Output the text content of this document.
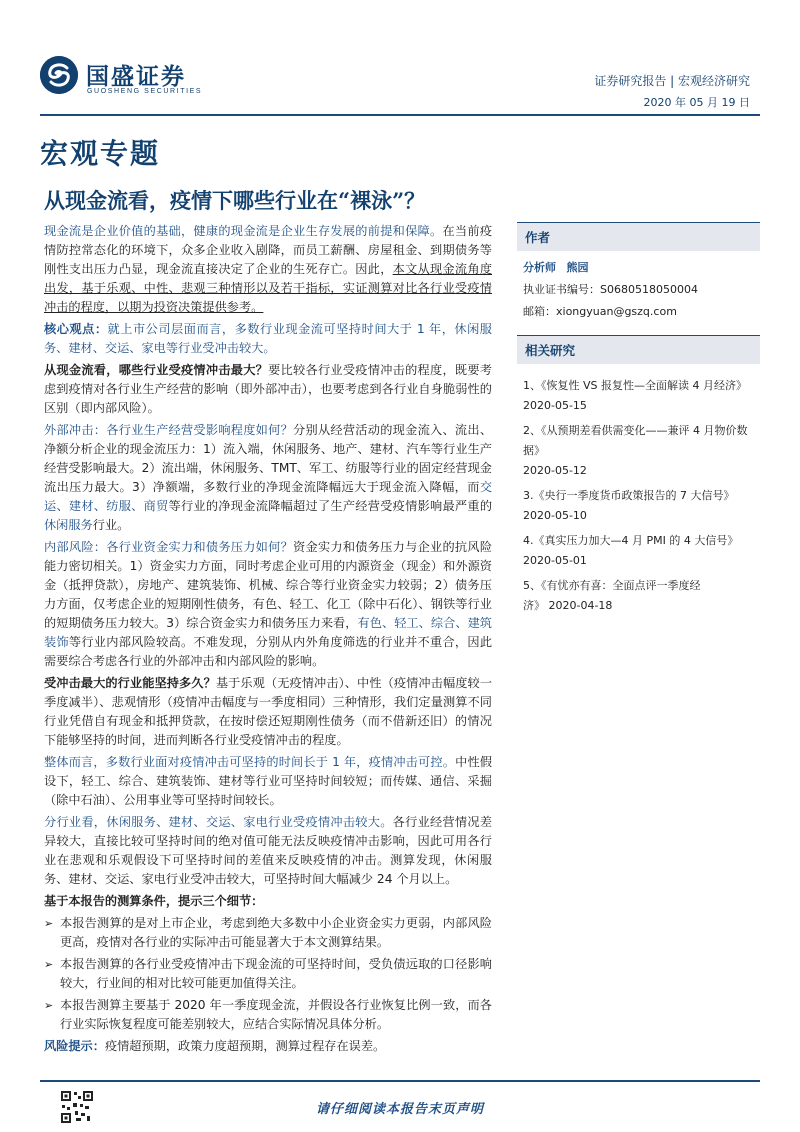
国盛证券
GUOSHENG SECURITIES
证券研究报告 | 宏观经济研究
2020 年 05 月 19 日
宏观专题
从现金流看，疫情下哪些行业在“裸泳”？

现金流是企业价值的基础，健康的现金流是企业生存发展的前提和保障。在当前疫情防控常态化的环境下，众多企业收入剧降，而员工薪酬、房屋租金、到期债务等刚性支出压力凸显，现金流直接决定了企业的生死存亡。因此，本文从现金流角度出发，基于乐观、中性、悲观三种情形以及若干指标，实证测算对比各行业受疫情冲击的程度，以期为投资决策提供参考。

核心观点：就上市公司层面而言，多数行业现金流可坚持时间大于 1 年，休闲服务、建材、交运、家电等行业受冲击较大。

从现金流看，哪些行业受疫情冲击最大？要比较各行业受疫情冲击的程度，既要考虑到疫情对各行业生产经营的影响（即外部冲击），也要考虑到各行业自身脆弱性的区别（即内部风险）。

外部冲击：各行业生产经营受影响程度如何？分别从经营活动的现金流入、流出、净额分析企业的现金流压力：1）流入端，休闲服务、地产、建材、汽车等行业生产经营受影响最大。2）流出端，休闲服务、TMT、军工、纺服等行业的固定经营现金流出压力最大。3）净额端，多数行业的净现金流降幅远大于现金流入降幅，而交运、建材、纺服、商贸等行业的净现金流降幅超过了生产经营受疫情影响最严重的休闲服务行业。

内部风险：各行业资金实力和债务压力如何？资金实力和债务压力与企业的抗风险能力密切相关。1）资金实力方面，同时考虑企业可用的内源资金（现金）和外源资金（抵押贷款），房地产、建筑装饰、机械、综合等行业资金实力较弱；2）债务压力方面，仅考虑企业的短期刚性债务，有色、轻工、化工（除中石化）、钢铁等行业的短期债务压力较大。3）综合资金实力和债务压力来看，有色、轻工、综合、建筑装饰等行业内部风险较高。不难发现，分别从内外角度筛选的行业并不重合，因此需要综合考虑各行业的外部冲击和内部风险的影响。

受冲击最大的行业能坚持多久？基于乐观（无疫情冲击）、中性（疫情冲击幅度较一季度减半）、悲观情形（疫情冲击幅度与一季度相同）三种情形，我们定量测算不同行业凭借自有现金和抵押贷款，在按时偿还短期刚性债务（而不借新还旧）的情况下能够坚持的时间，进而判断各行业受疫情冲击的程度。

整体而言，多数行业面对疫情冲击可坚持的时间长于 1 年，疫情冲击可控。中性假设下，轻工、综合、建筑装饰、建材等行业可坚持时间较短；而传媒、通信、采掘（除中石油）、公用事业等可坚持时间较长。

分行业看，休闲服务、建材、交运、家电行业受疫情冲击较大。各行业经营情况差异较大，直接比较可坚持时间的绝对值可能无法反映疫情冲击影响，因此可用各行业在悲观和乐观假设下可坚持时间的差值来反映疫情的冲击。测算发现，休闲服务、建材、交运、家电行业受冲击较大，可坚持时间大幅减少 24 个月以上。

基于本报告的测算条件，提示三个细节：

➢ 本报告测算的是对上市企业，考虑到绝大多数中小企业资金实力更弱，内部风险更高，疫情对各行业的实际冲击可能显著大于本文测算结果。
➢ 本报告测算的各行业受疫情冲击下现金流的可坚持时间，受负债远取的口径影响较大，行业间的相对比较可能更加值得关注。
➢ 本报告测算主要基于 2020 年一季度现金流，并假设各行业恢复比例一致，而各行业实际恢复程度可能差别较大，应结合实际情况具体分析。

风险提示：疫情超预期，政策力度超预期，测算过程存在误差。

作者
分析师 熊园
执业证书编号：S0680518050004
邮箱：xiongyuan@gszq.com
相关研究
1、《恢复性 VS 报复性—全面解读 4 月经济》
2020-05-15
2、《从预期差看供需变化——兼评 4 月物价数据》
2020-05-12
3.《央行一季度货币政策报告的 7 大信号》2020-05-10
4.《真实压力加大—4 月 PMI 的 4 大信号》2020-05-01
5、《有忧亦有喜：全面点评一季度经济》 2020-04-18
请仔细阅读本报告末页声明
